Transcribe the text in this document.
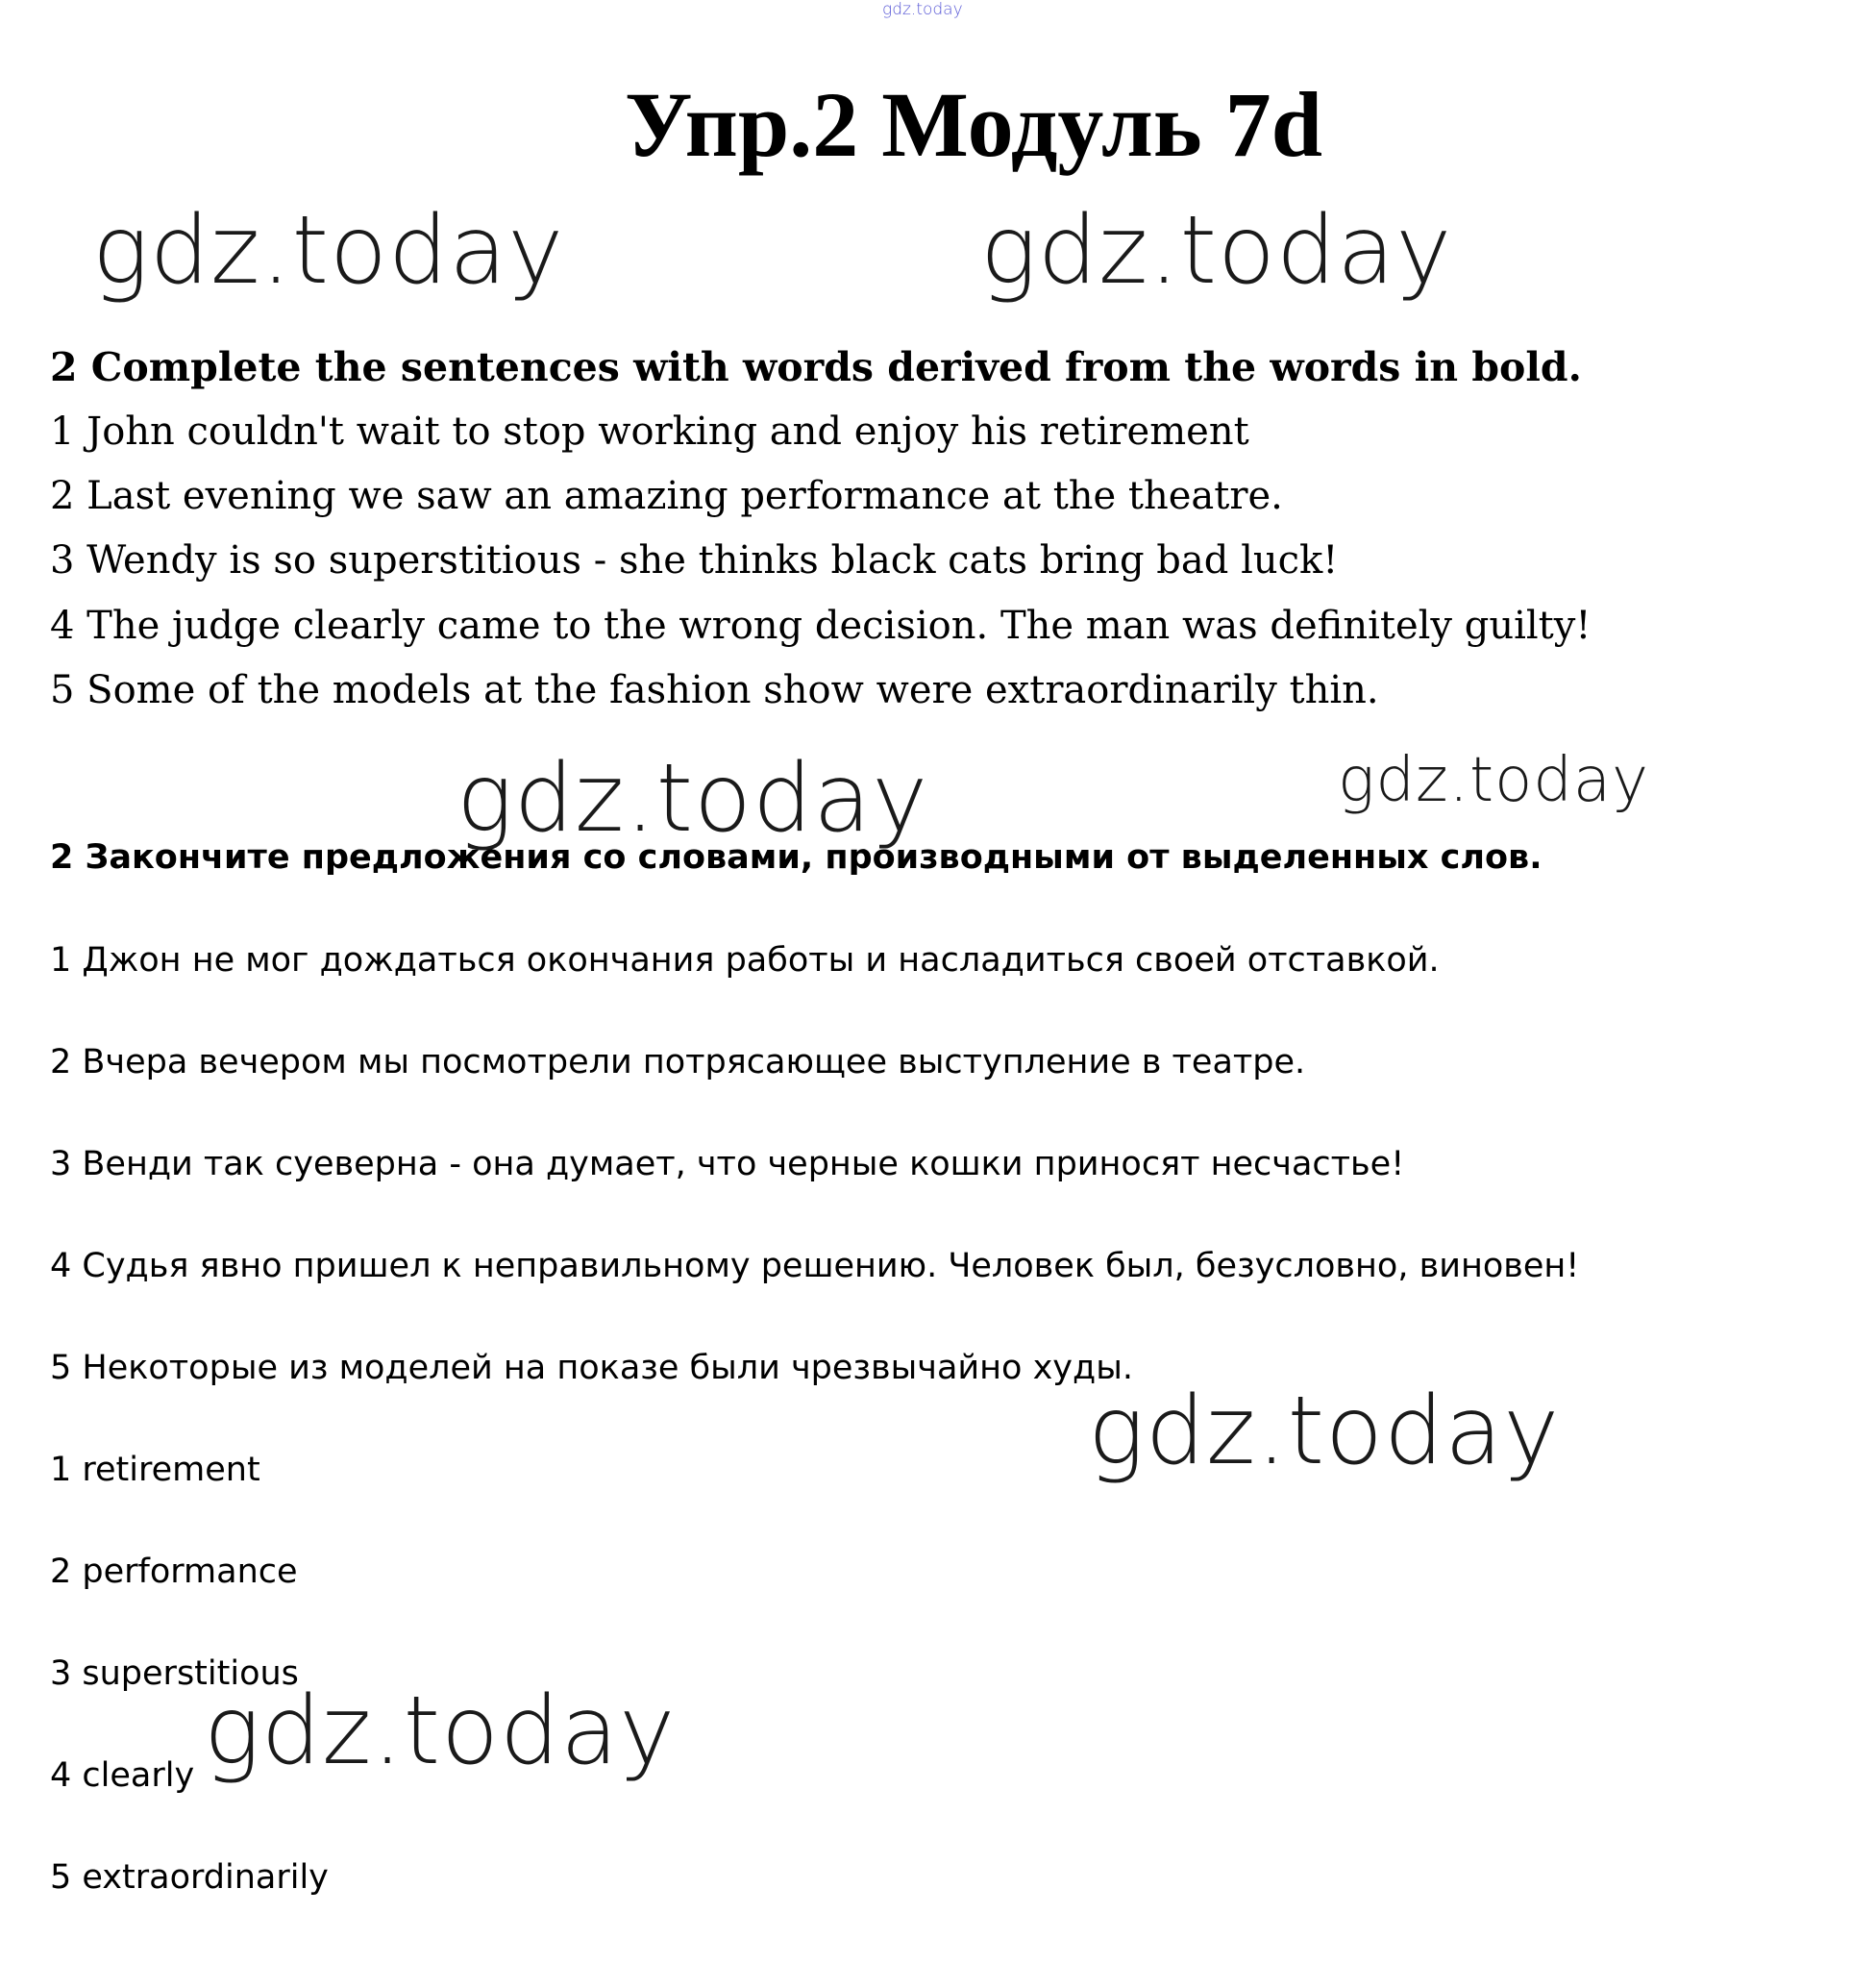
gdz.today
gdz.today	gdz.today
gdz.today	gdz.today
gdz.today
gdz.today
Упр.2 Модуль 7d
2 Complete the sentences with words derived from the words in bold.
1 John couldn't wait to stop working and enjoy his retirement
2 Last evening we saw an amazing performance at the theatre.
3 Wendy is so superstitious - she thinks black cats bring bad luck!
4 The judge clearly came to the wrong decision. The man was definitely guilty!
5 Some of the models at the fashion show were extraordinarily thin.
2 Закончите предложения со словами, производными от выделенных слов.
1 Джон не мог дождаться окончания работы и насладиться своей отставкой.
2 Вчера вечером мы посмотрели потрясающее выступление в театре.
3 Венди так суеверна - она думает, что черные кошки приносят несчастье!
4 Судья явно пришел к неправильному решению. Человек был, безусловно, виновен!
5 Некоторые из моделей на показе были чрезвычайно худы.
1 retirement
2 performance
3 superstitious
4 clearly
5 extraordinarily
